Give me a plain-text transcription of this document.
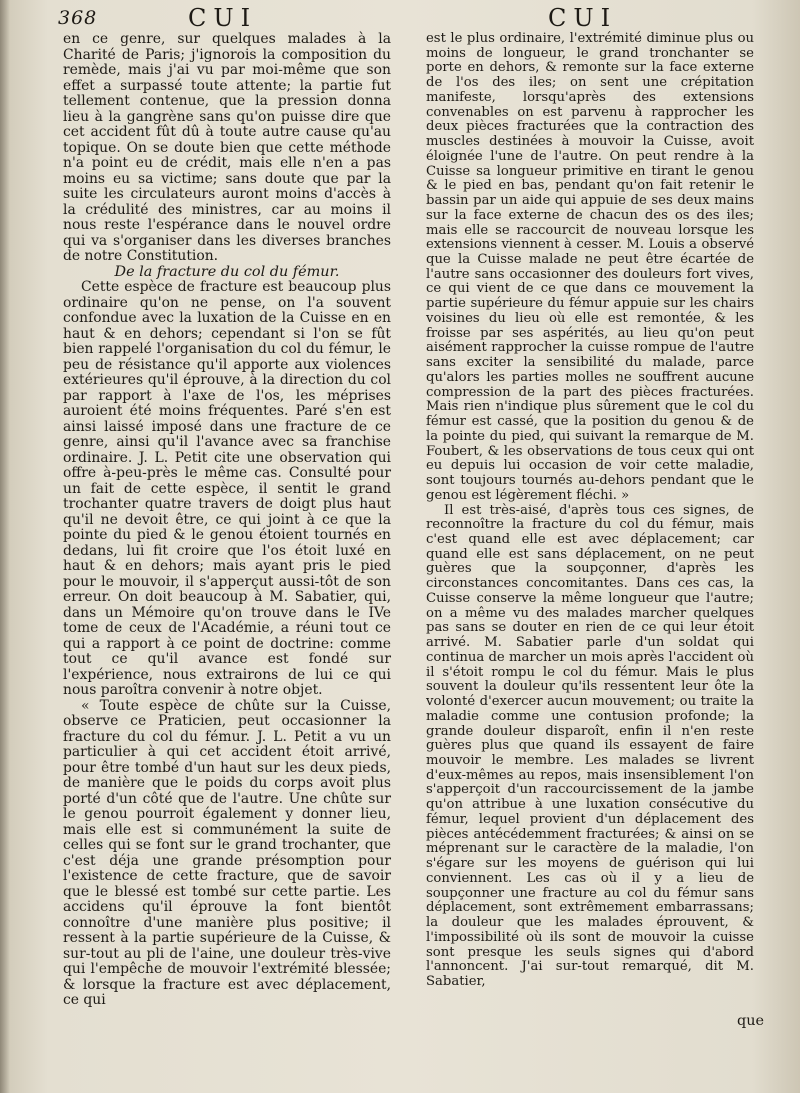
368	CUI	CUI

en ce genre, sur quelques malades à la Charité de Paris; j'ignorois la composition du remède, mais j'ai vu par moi-même que son effet a surpassé toute attente; la partie fut tellement contenue, que la pression donna lieu à la gangrène sans qu'on puisse dire que cet accident fût dû à toute autre cause qu'au topique. On se doute bien que cette méthode n'a point eu de crédit, mais elle n'en a pas moins eu sa victime; sans doute que par la suite les circulateurs auront moins d'accès à la crédulité des ministres, car au moins il nous reste l'espérance dans le nouvel ordre qui va s'organiser dans les diverses branches de notre Constitution.

De la fracture du col du fémur.

Cette espèce de fracture est beaucoup plus ordinaire qu'on ne pense, on l'a souvent confondue avec la luxation de la Cuisse en en haut & en dehors; cependant si l'on se fût bien rappelé l'organisation du col du fémur, le peu de résistance qu'il apporte aux violences extérieures qu'il éprouve, à la direction du col par rapport à l'axe de l'os, les méprises auroient été moins fréquentes. Paré s'en est ainsi laissé imposé dans une fracture de ce genre, ainsi qu'il l'avance avec sa franchise ordinaire. J. L. Petit cite une observation qui offre à-peu-près le même cas. Consulté pour un fait de cette espèce, il sentit le grand trochanter quatre travers de doigt plus haut qu'il ne devoit être, ce qui joint à ce que la pointe du pied & le genou étoient tournés en dedans, lui fit croire que l'os étoit luxé en haut & en dehors; mais ayant pris le pied pour le mouvoir, il s'apperçut aussi-tôt de son erreur. On doit beaucoup à M. Sabatier, qui, dans un Mémoire qu'on trouve dans le IVe tome de ceux de l'Académie, a réuni tout ce qui a rapport à ce point de doctrine: comme tout ce qu'il avance est fondé sur l'expérience, nous extrairons de lui ce qui nous paroîtra convenir à notre objet.

« Toute espèce de chûte sur la Cuisse, observe ce Praticien, peut occasionner la fracture du col du fémur. J. L. Petit a vu un particulier à qui cet accident étoit arrivé, pour être tombé d'un haut sur les deux pieds, de manière que le poids du corps avoit plus porté d'un côté que de l'autre. Une chûte sur le genou pourroit également y donner lieu, mais elle est si communément la suite de celles qui se font sur le grand trochanter, que c'est déja une grande présomption pour l'existence de cette fracture, que de savoir que le blessé est tombé sur cette partie. Les accidens qu'il éprouve la font bientôt connoître d'une manière plus positive; il ressent à la partie supérieure de la Cuisse, & sur-tout au pli de l'aine, une douleur très-vive qui l'empêche de mouvoir l'extrémité blessée; & lorsque la fracture est avec déplacement, ce qui

est le plus ordinaire, l'extrémité diminue plus ou moins de longueur, le grand tronchanter se porte en dehors, & remonte sur la face externe de l'os des iles; on sent une crépitation manifeste, lorsqu'après des extensions convenables on est parvenu à rapprocher les deux pièces fracturées que la contraction des muscles destinées à mouvoir la Cuisse, avoit éloignée l'une de l'autre. On peut rendre à la Cuisse sa longueur primitive en tirant le genou & le pied en bas, pendant qu'on fait retenir le bassin par un aide qui appuie de ses deux mains sur la face externe de chacun des os des iles; mais elle se raccourcit de nouveau lorsque les extensions viennent à cesser. M. Louis a observé que la Cuisse malade ne peut être écartée de l'autre sans occasionner des douleurs fort vives, ce qui vient de ce que dans ce mouvement la partie supérieure du fémur appuie sur les chairs voisines du lieu où elle est remontée, & les froisse par ses aspérités, au lieu qu'on peut aisément rapprocher la cuisse rompue de l'autre sans exciter la sensibilité du malade, parce qu'alors les parties molles ne souffrent aucune compression de la part des pièces fracturées. Mais rien n'indique plus sûrement que le col du fémur est cassé, que la position du genou & de la pointe du pied, qui suivant la remarque de M. Foubert, & les observations de tous ceux qui ont eu depuis lui occasion de voir cette maladie, sont toujours tournés au-dehors pendant que le genou est légèrement fléchi. »

Il est très-aisé, d'après tous ces signes, de reconnoître la fracture du col du fémur, mais c'est quand elle est avec déplacement; car quand elle est sans déplacement, on ne peut guères que la soupçonner, d'après les circonstances concomitantes. Dans ces cas, la Cuisse conserve la même longueur que l'autre; on a même vu des malades marcher quelques pas sans se douter en rien de ce qui leur étoit arrivé. M. Sabatier parle d'un soldat qui continua de marcher un mois après l'accident où il s'étoit rompu le col du fémur. Mais le plus souvent la douleur qu'ils ressentent leur ôte la volonté d'exercer aucun mouvement; ou traite la maladie comme une contusion profonde; la grande douleur disparoît, enfin il n'en reste guères plus que quand ils essayent de faire mouvoir le membre. Les malades se livrent d'eux-mêmes au repos, mais insensiblement l'on s'apperçoit d'un raccourcissement de la jambe qu'on attribue à une luxation consécutive du fémur, lequel provient d'un déplacement des pièces antécédemment fracturées; & ainsi on se méprenant sur le caractère de la maladie, l'on s'égare sur les moyens de guérison qui lui conviennent. Les cas où il y a lieu de soupçonner une fracture au col du fémur sans déplacement, sont extrêmement embarrassans; la douleur que les malades éprouvent, & l'impossibilité où ils sont de mouvoir la cuisse sont presque les seuls signes qui d'abord l'annoncent. J'ai sur-tout remarqué, dit M. Sabatier,

que
